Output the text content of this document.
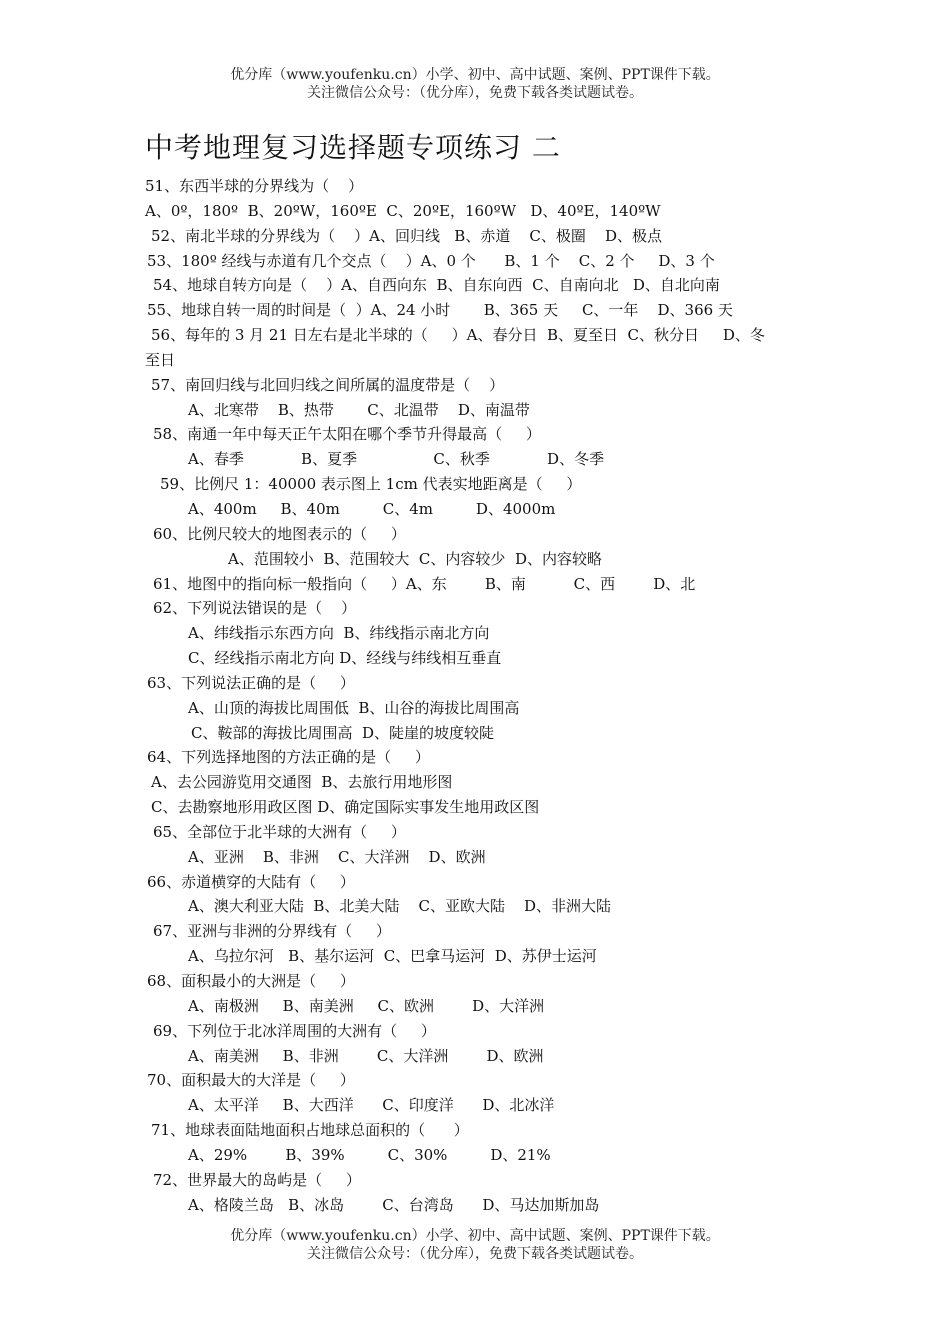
优分库（www.youfenku.cn）小学、初中、高中试题、案例、PPT课件下载。
关注微信公众号：（优分库），免费下载各类试题试卷。
中考地理复习选择题专项练习 二
51、东西半球的分界线为（    ）
A、0º，180º  B、20ºW，160ºE  C、20ºE，160ºW   D、40ºE，140ºW
52、南北半球的分界线为（    ）A、回归线   B、赤道    C、极圈    D、极点
53、180º 经线与赤道有几个交点（    ）A、0 个      B、1 个    C、2 个     D、3 个
54、地球自转方向是（    ）A、自西向东  B、自东向西  C、自南向北   D、自北向南
55、地球自转一周的时间是（  ）A、24 小时       B、365 天     C、一年    D、366 天
56、每年的 3 月 21 日左右是北半球的（     ）A、春分日  B、夏至日  C、秋分日     D、冬
至日
57、南回归线与北回归线之间所属的温度带是（    ）
A、北寒带    B、热带       C、北温带    D、南温带
58、南通一年中每天正午太阳在哪个季节升得最高（     ）
A、春季            B、夏季                C、秋季            D、冬季
59、比例尺 1：40000 表示图上 1cm 代表实地距离是（     ）
A、400m     B、40m         C、4m         D、4000m
60、比例尺较大的地图表示的（     ）
A、范围较小  B、范围较大  C、内容较少  D、内容较略
61、地图中的指向标一般指向（     ）A、东        B、南          C、西        D、北
62、下列说法错误的是（    ）
A、纬线指示东西方向  B、纬线指示南北方向
C、经线指示南北方向 D、经线与纬线相互垂直
63、下列说法正确的是（     ）
A、山顶的海拔比周围低  B、山谷的海拔比周围高
C、鞍部的海拔比周围高  D、陡崖的坡度较陡
64、下列选择地图的方法正确的是（     ）
A、去公园游览用交通图  B、去旅行用地形图
C、去勘察地形用政区图 D、确定国际实事发生地用政区图
65、全部位于北半球的大洲有（     ）
A、亚洲    B、非洲    C、大洋洲    D、欧洲
66、赤道横穿的大陆有（     ）
A、澳大利亚大陆  B、北美大陆    C、亚欧大陆    D、非洲大陆
67、亚洲与非洲的分界线有（     ）
A、乌拉尔河   B、基尔运河  C、巴拿马运河  D、苏伊士运河
68、面积最小的大洲是（     ）
A、南极洲     B、南美洲     C、欧洲        D、大洋洲
69、下列位于北冰洋周围的大洲有（     ）
A、南美洲     B、非洲        C、大洋洲        D、欧洲
70、面积最大的大洋是（     ）
A、太平洋     B、大西洋      C、印度洋      D、北冰洋
71、地球表面陆地面积占地球总面积的（      ）
A、29%        B、39%         C、30%         D、21%
72、世界最大的岛屿是（     ）
A、格陵兰岛   B、冰岛        C、台湾岛      D、马达加斯加岛
优分库（www.youfenku.cn）小学、初中、高中试题、案例、PPT课件下载。
关注微信公众号：（优分库），免费下载各类试题试卷。
